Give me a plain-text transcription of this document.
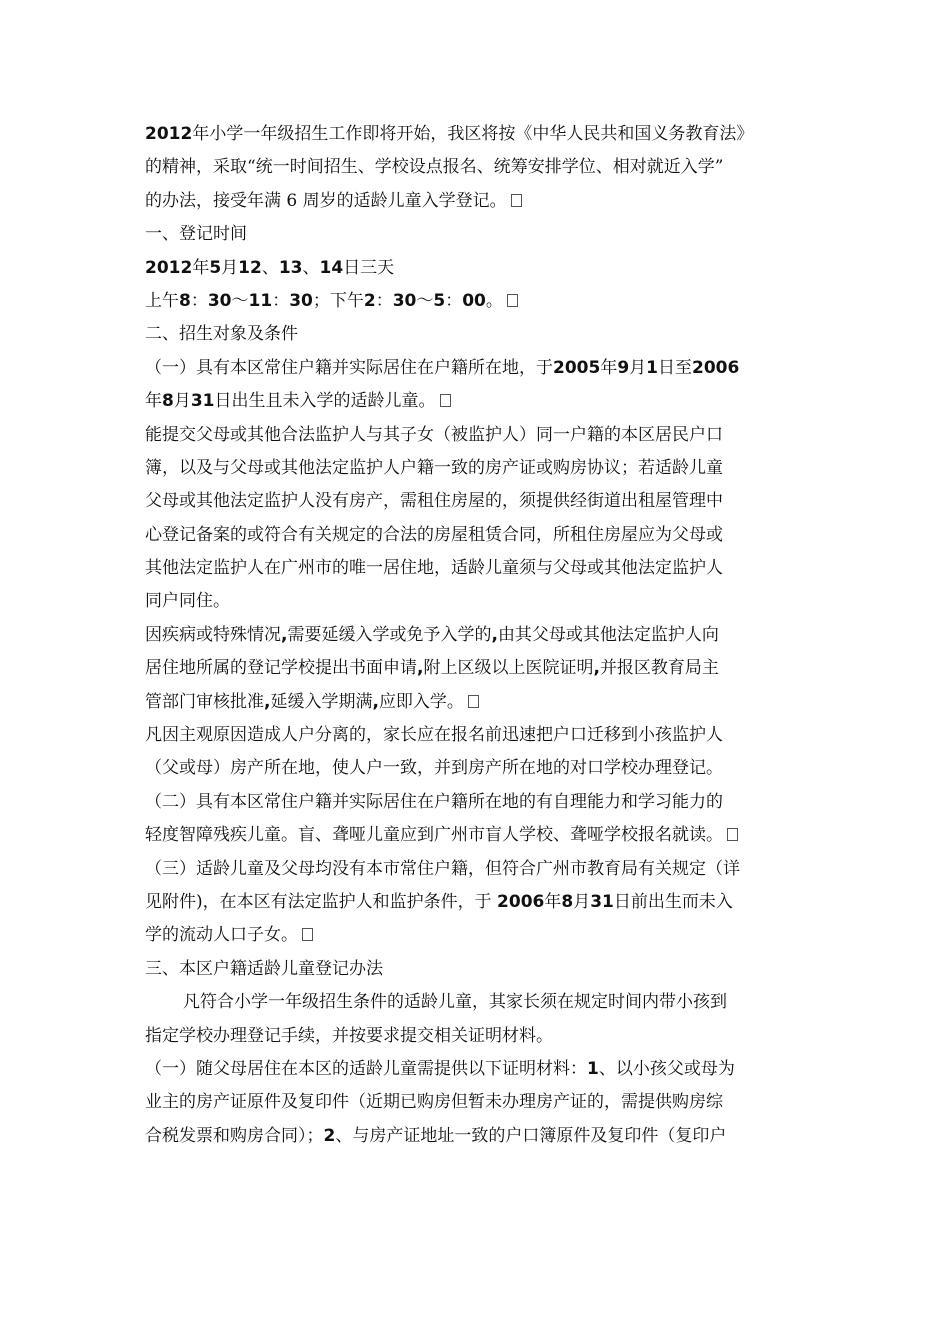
2012年小学一年级招生工作即将开始，我区将按《中华人民共和国义务教育法》
的精神，采取“统一时间招生、学校设点报名、统筹安排学位、相对就近入学”
的办法，接受年满 6 周岁的适龄儿童入学登记。
一、登记时间
2012年5月12、13、14日三天
上午8：30～11：30；下午2：30～5：00。
二、招生对象及条件
（一）具有本区常住户籍并实际居住在户籍所在地，于2005年9月1日至2006
年8月31日出生且未入学的适龄儿童。
能提交父母或其他合法监护人与其子女（被监护人）同一户籍的本区居民户口
簿，以及与父母或其他法定监护人户籍一致的房产证或购房协议；若适龄儿童
父母或其他法定监护人没有房产，需租住房屋的，须提供经街道出租屋管理中
心登记备案的或符合有关规定的合法的房屋租赁合同，所租住房屋应为父母或
其他法定监护人在广州市的唯一居住地，适龄儿童须与父母或其他法定监护人
同户同住。
因疾病或特殊情况,需要延缓入学或免予入学的,由其父母或其他法定监护人向
居住地所属的登记学校提出书面申请,附上区级以上医院证明,并报区教育局主
管部门审核批准,延缓入学期满,应即入学。
凡因主观原因造成人户分离的，家长应在报名前迅速把户口迁移到小孩监护人
（父或母）房产所在地，使人户一致，并到房产所在地的对口学校办理登记。
（二）具有本区常住户籍并实际居住在户籍所在地的有自理能力和学习能力的
轻度智障残疾儿童。盲、聋哑儿童应到广州市盲人学校、聋哑学校报名就读。
（三）适龄儿童及父母均没有本市常住户籍，但符合广州市教育局有关规定（详
见附件)，在本区有法定监护人和监护条件，于 2006年8月31日前出生而未入
学的流动人口子女。
三、本区户籍适龄儿童登记办法
凡符合小学一年级招生条件的适龄儿童，其家长须在规定时间内带小孩到
指定学校办理登记手续，并按要求提交相关证明材料。
（一）随父母居住在本区的适龄儿童需提供以下证明材料：1、以小孩父或母为
业主的房产证原件及复印件（近期已购房但暂未办理房产证的，需提供购房综
合税发票和购房合同）；2、与房产证地址一致的户口簿原件及复印件（复印户
